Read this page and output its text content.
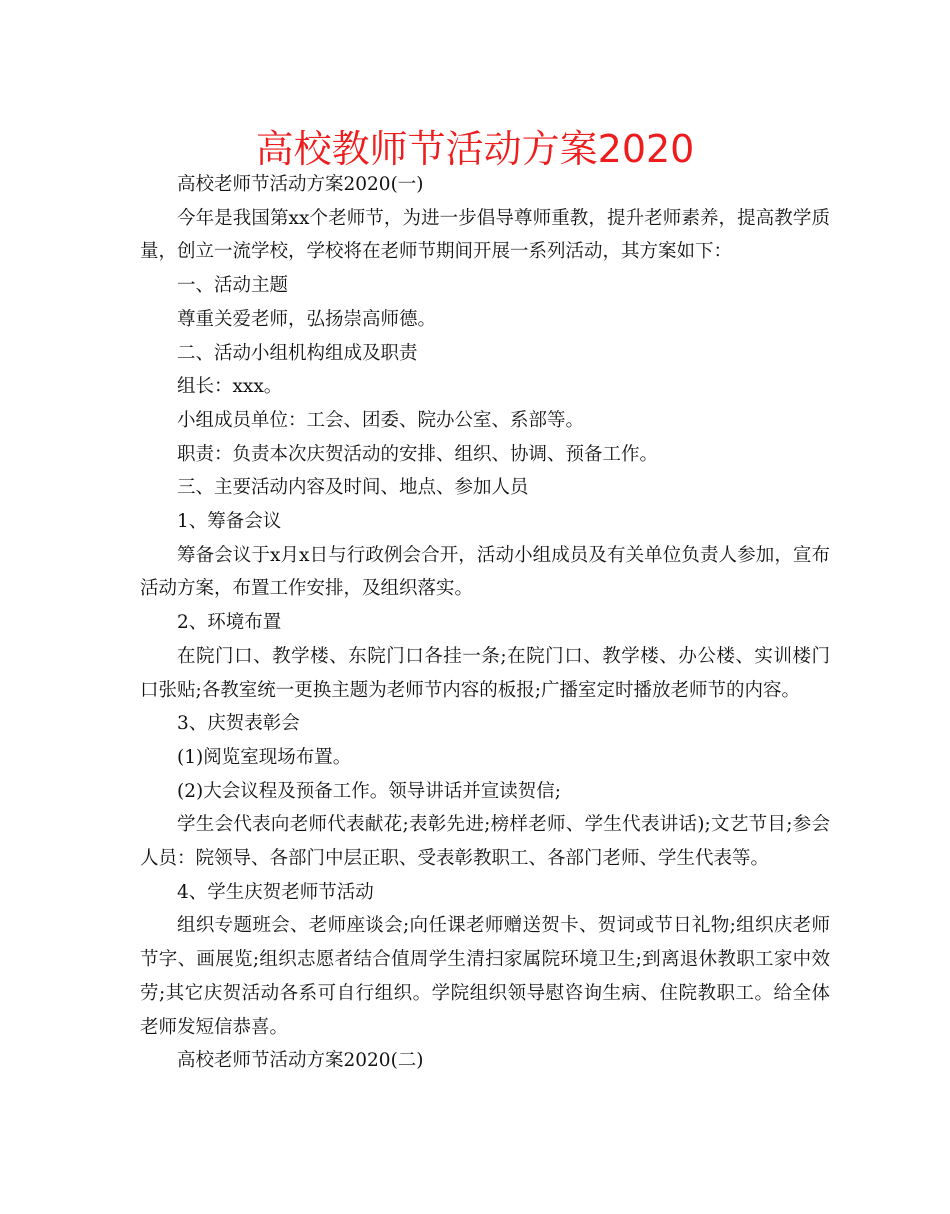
高校教师节活动方案2020

高校老师节活动方案2020(一)

今年是我国第xx个老师节，为进一步倡导尊师重教，提升老师素养，提高教学质量，创立一流学校，学校将在老师节期间开展一系列活动，其方案如下：

一、活动主题

尊重关爱老师，弘扬崇高师德。

二、活动小组机构组成及职责

组长：xxx。

小组成员单位：工会、团委、院办公室、系部等。

职责：负责本次庆贺活动的安排、组织、协调、预备工作。

三、主要活动内容及时间、地点、参加人员

1、筹备会议

筹备会议于x月x日与行政例会合开，活动小组成员及有关单位负责人参加，宣布活动方案，布置工作安排，及组织落实。

2、环境布置

在院门口、教学楼、东院门口各挂一条;在院门口、教学楼、办公楼、实训楼门口张贴;各教室统一更换主题为老师节内容的板报;广播室定时播放老师节的内容。

3、庆贺表彰会

(1)阅览室现场布置。

(2)大会议程及预备工作。领导讲话并宣读贺信;

学生会代表向老师代表献花;表彰先进;榜样老师、学生代表讲话);文艺节目;参会人员：院领导、各部门中层正职、受表彰教职工、各部门老师、学生代表等。

4、学生庆贺老师节活动

组织专题班会、老师座谈会;向任课老师赠送贺卡、贺词或节日礼物;组织庆老师节字、画展览;组织志愿者结合值周学生清扫家属院环境卫生;到离退休教职工家中效劳;其它庆贺活动各系可自行组织。学院组织领导慰咨询生病、住院教职工。给全体老师发短信恭喜。

高校老师节活动方案2020(二)
